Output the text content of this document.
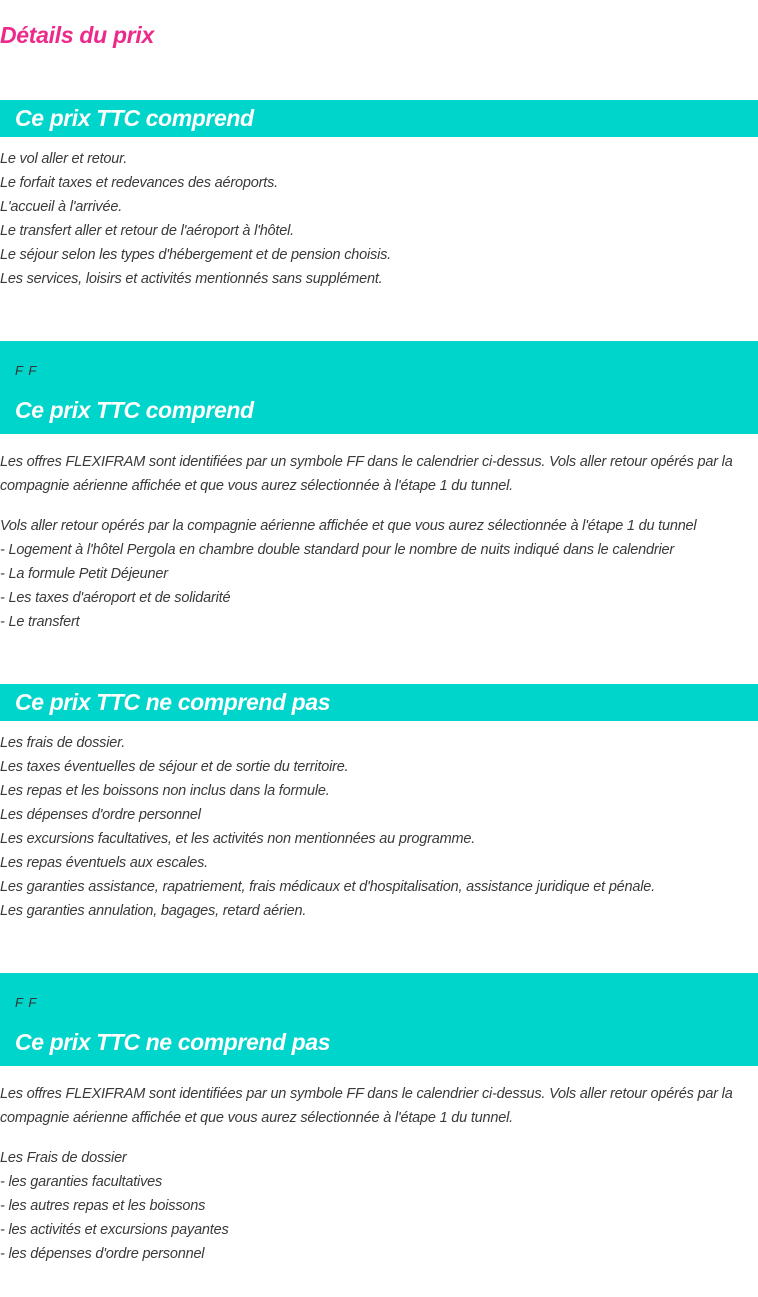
Détails du prix
Ce prix TTC comprend
Le vol aller et retour.
Le forfait taxes et redevances des aéroports.
L'accueil à l'arrivée.
Le transfert aller et retour de l'aéroport à l'hôtel.
Le séjour selon les types d'hébergement et de pension choisis.
Les services, loisirs et activités mentionnés sans supplément.
F F
Ce prix TTC comprend

Les offres FLEXIFRAM sont identifiées par un symbole FF dans le calendrier ci-dessus. Vols aller retour opérés par la compagnie aérienne affichée et que vous aurez sélectionnée à l'étape 1 du tunnel.

Vols aller retour opérés par la compagnie aérienne affichée et que vous aurez sélectionnée à l'étape 1 du tunnel
- Logement à l'hôtel Pergola en chambre double standard pour le nombre de nuits indiqué dans le calendrier
- La formule Petit Déjeuner
- Les taxes d'aéroport et de solidarité
- Le transfert
Ce prix TTC ne comprend pas
Les frais de dossier.
Les taxes éventuelles de séjour et de sortie du territoire.
Les repas et les boissons non inclus dans la formule.
Les dépenses d'ordre personnel
Les excursions facultatives, et les activités non mentionnées au programme.
Les repas éventuels aux escales.
Les garanties assistance, rapatriement, frais médicaux et d'hospitalisation, assistance juridique et pénale.
Les garanties annulation, bagages, retard aérien.
F F
Ce prix TTC ne comprend pas

Les offres FLEXIFRAM sont identifiées par un symbole FF dans le calendrier ci-dessus. Vols aller retour opérés par la compagnie aérienne affichée et que vous aurez sélectionnée à l'étape 1 du tunnel.

Les Frais de dossier
- les garanties facultatives
- les autres repas et les boissons
- les activités et excursions payantes
- les dépenses d'ordre personnel
